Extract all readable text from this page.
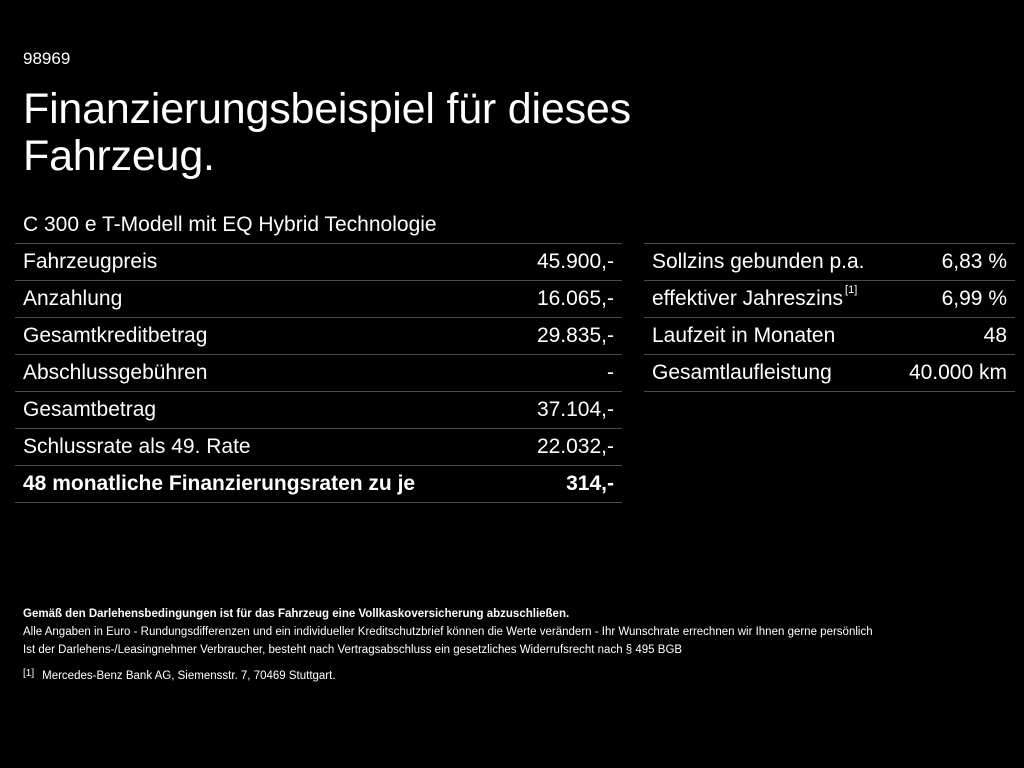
98969
Finanzierungsbeispiel für dieses Fahrzeug.
C 300 e T-Modell mit EQ Hybrid Technologie
Fahrzeugpreis	45.900,-
Anzahlung	16.065,-
Gesamtkreditbetrag	29.835,-
Abschlussgebühren	-
Gesamtbetrag	37.104,-
Schlussrate als 49. Rate	22.032,-
48 monatliche Finanzierungsraten zu je	314,-
Sollzins gebunden p.a.	6,83 %
effektiver Jahreszins [1]	6,99 %
Laufzeit in Monaten	48
Gesamtlaufleistung	40.000 km
Gemäß den Darlehensbedingungen ist für das Fahrzeug eine Vollkaskoversicherung abzuschließen.
Alle Angaben in Euro - Rundungsdifferenzen und ein individueller Kreditschutzbrief können die Werte verändern - Ihr Wunschrate errechnen wir Ihnen gerne persönlich
Ist der Darlehens-/Leasingnehmer Verbraucher, besteht nach Vertragsabschluss ein gesetzliches Widerrufsrecht nach § 495 BGB
[1] Mercedes-Benz Bank AG, Siemensstr. 7, 70469 Stuttgart.
